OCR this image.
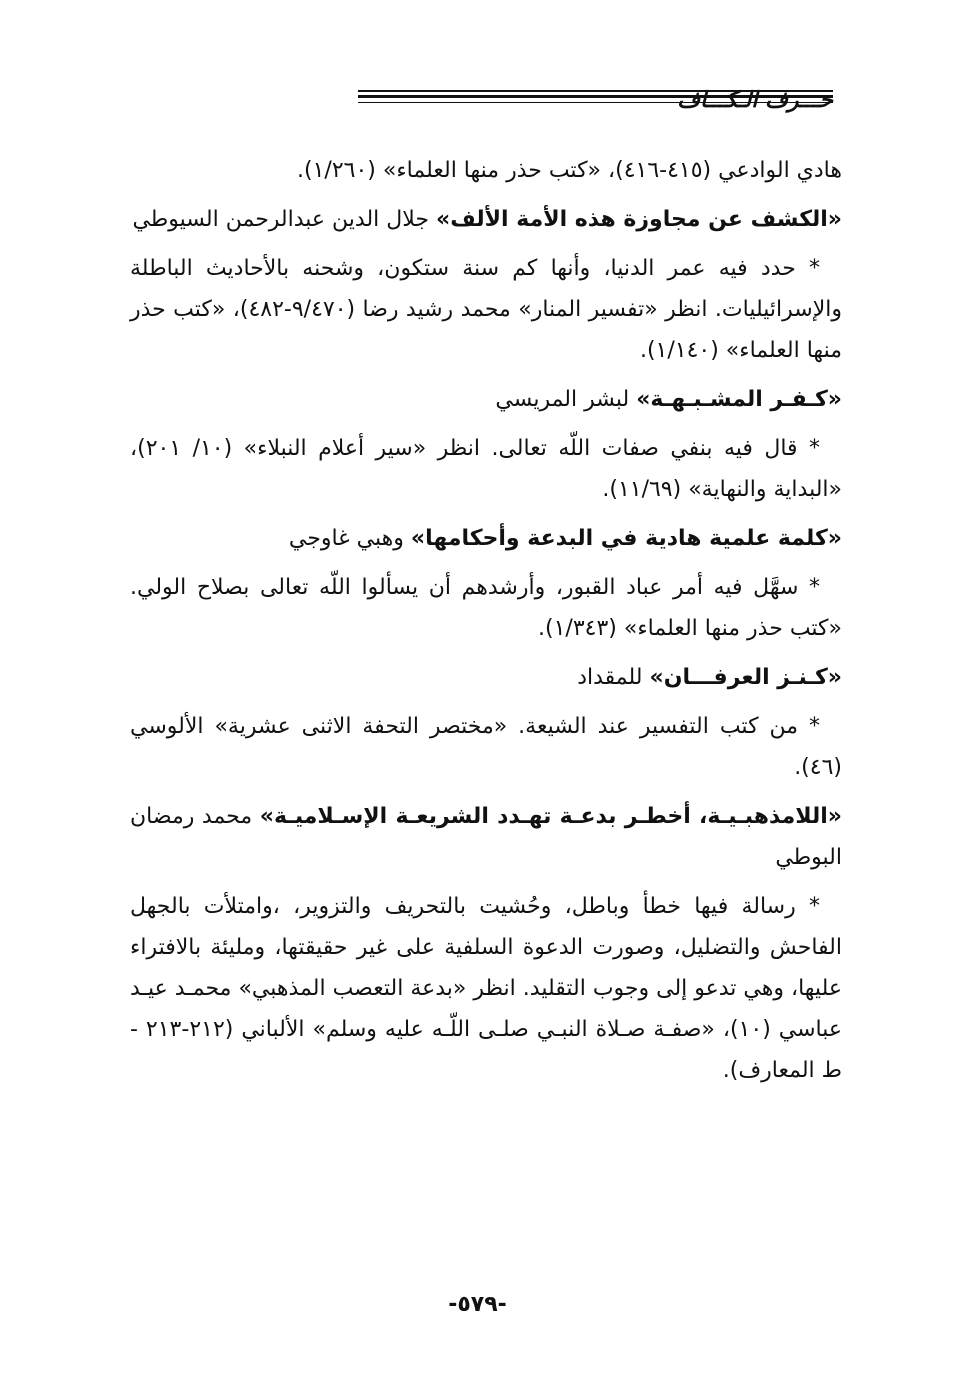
حـــرف الـكـــاف

هادي الوادعي (٤١٥-٤١٦)، «كتب حذر منها العلماء» (١/٢٦٠).

«الكشف عن مجاوزة هذه الأمة الألف» جلال الدين عبدالرحمن السيوطي

* حدد فيه عمر الدنيا، وأنها كم سنة ستكون، وشحنه بالأحاديث الباطلة والإسرائيليات. انظر «تفسير المنار» محمد رشيد رضا (٩/٤٧٠-٤٨٢)، «كتب حذر منها العلماء» (١/١٤٠).

«كـفـر المشـبـهـة» لبشر المريسي

* قال فيه بنفي صفات اللّه تعالى. انظر «سير أعلام النبلاء» (١٠/ ٢٠١)، «البداية والنهاية» (١١/٦٩).

«كلمة علمية هادية في البدعة وأحكامها» وهبي غاوجي

* سهَّل فيه أمر عباد القبور، وأرشدهم أن يسألوا اللّه تعالى بصلاح الولي. «كتب حذر منها العلماء» (١/٣٤٣).

«كـنـز العرفـــان» للمقداد

* من كتب التفسير عند الشيعة. «مختصر التحفة الاثنى عشرية» الألوسي (٤٦).

«اللامذهبـيـة، أخطـر بدعـة تهـدد الشريعـة الإسـلاميـة» محمد رمضان البوطي

* رسالة فيها خطأ وباطل، وحُشيت بالتحريف والتزوير، ،وامتلأت بالجهل الفاحش والتضليل، وصورت الدعوة السلفية على غير حقيقتها، ومليئة بالافتراء عليها، وهي تدعو إلى وجوب التقليد. انظر «بدعة التعصب المذهبي» محمـد عيـد عباسي (١٠)، «صفـة صـلاة النبـي صلـى اللّـه عليه وسلم» الألباني (٢١٢-٢١٣ - ط المعارف).

-٥٧٩-
